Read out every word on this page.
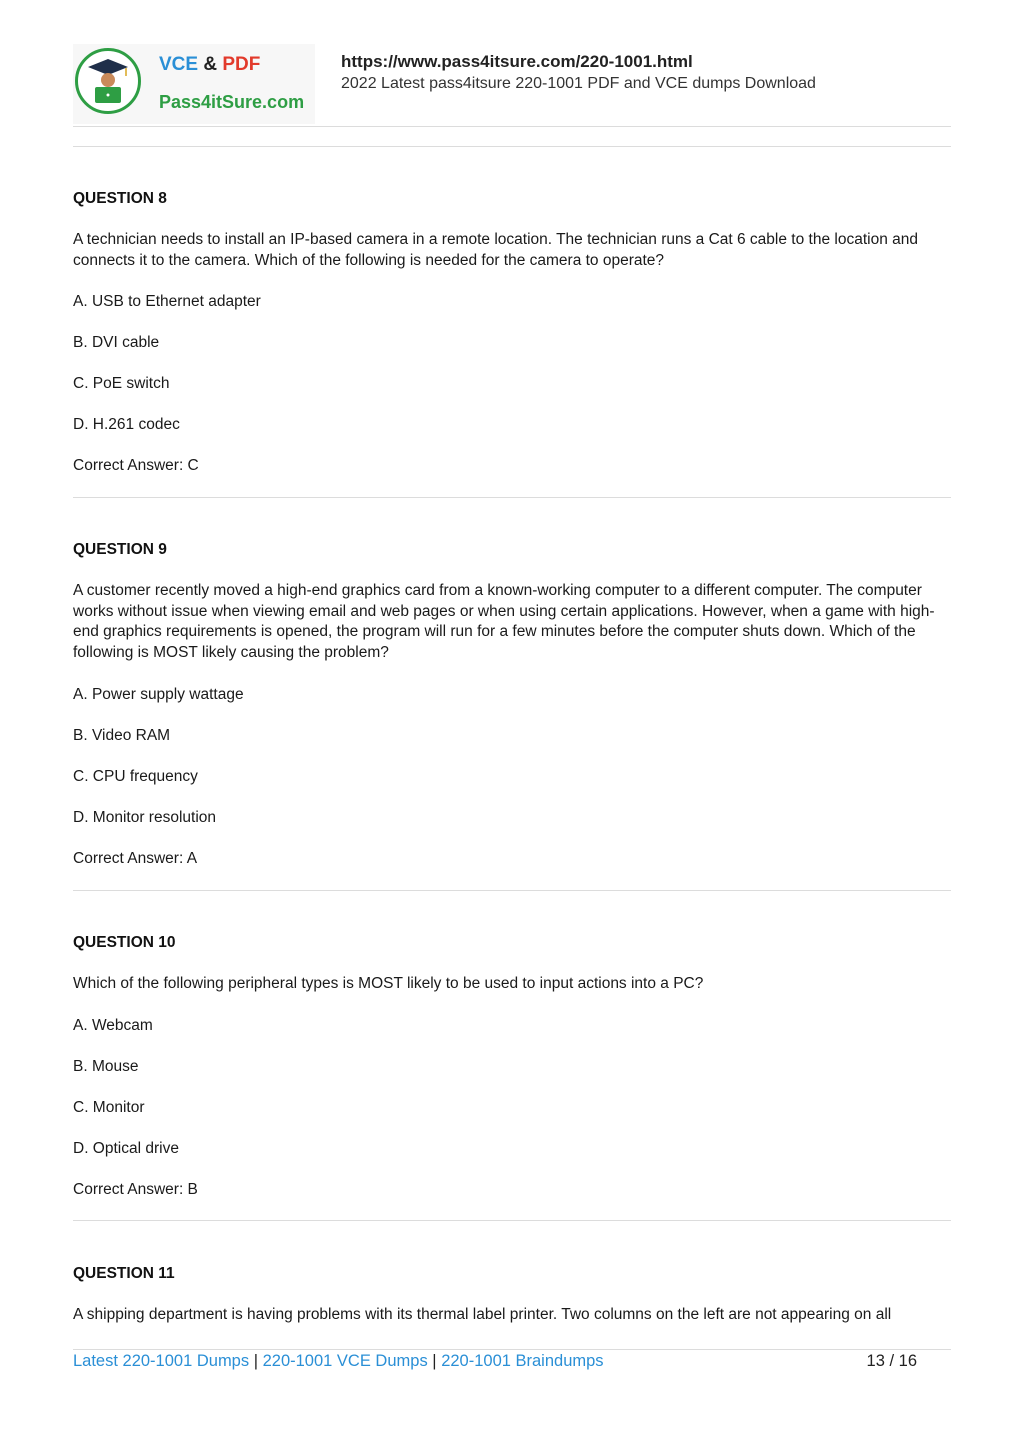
VCE & PDF
Pass4itSure.com
https://www.pass4itsure.com/220-1001.html
2022 Latest pass4itsure 220-1001 PDF and VCE dumps Download
QUESTION 8
A technician needs to install an IP-based camera in a remote location. The technician runs a Cat 6 cable to the location and connects it to the camera. Which of the following is needed for the camera to operate?
A. USB to Ethernet adapter
B. DVI cable
C. PoE switch
D. H.261 codec
Correct Answer: C
QUESTION 9
A customer recently moved a high-end graphics card from a known-working computer to a different computer. The computer works without issue when viewing email and web pages or when using certain applications. However, when a game with high-end graphics requirements is opened, the program will run for a few minutes before the computer shuts down. Which of the following is MOST likely causing the problem?
A. Power supply wattage
B. Video RAM
C. CPU frequency
D. Monitor resolution
Correct Answer: A
QUESTION 10
Which of the following peripheral types is MOST likely to be used to input actions into a PC?
A. Webcam
B. Mouse
C. Monitor
D. Optical drive
Correct Answer: B
QUESTION 11
A shipping department is having problems with its thermal label printer. Two columns on the left are not appearing on all
Latest 220-1001 Dumps | 220-1001 VCE Dumps | 220-1001 Braindumps	13 / 16
